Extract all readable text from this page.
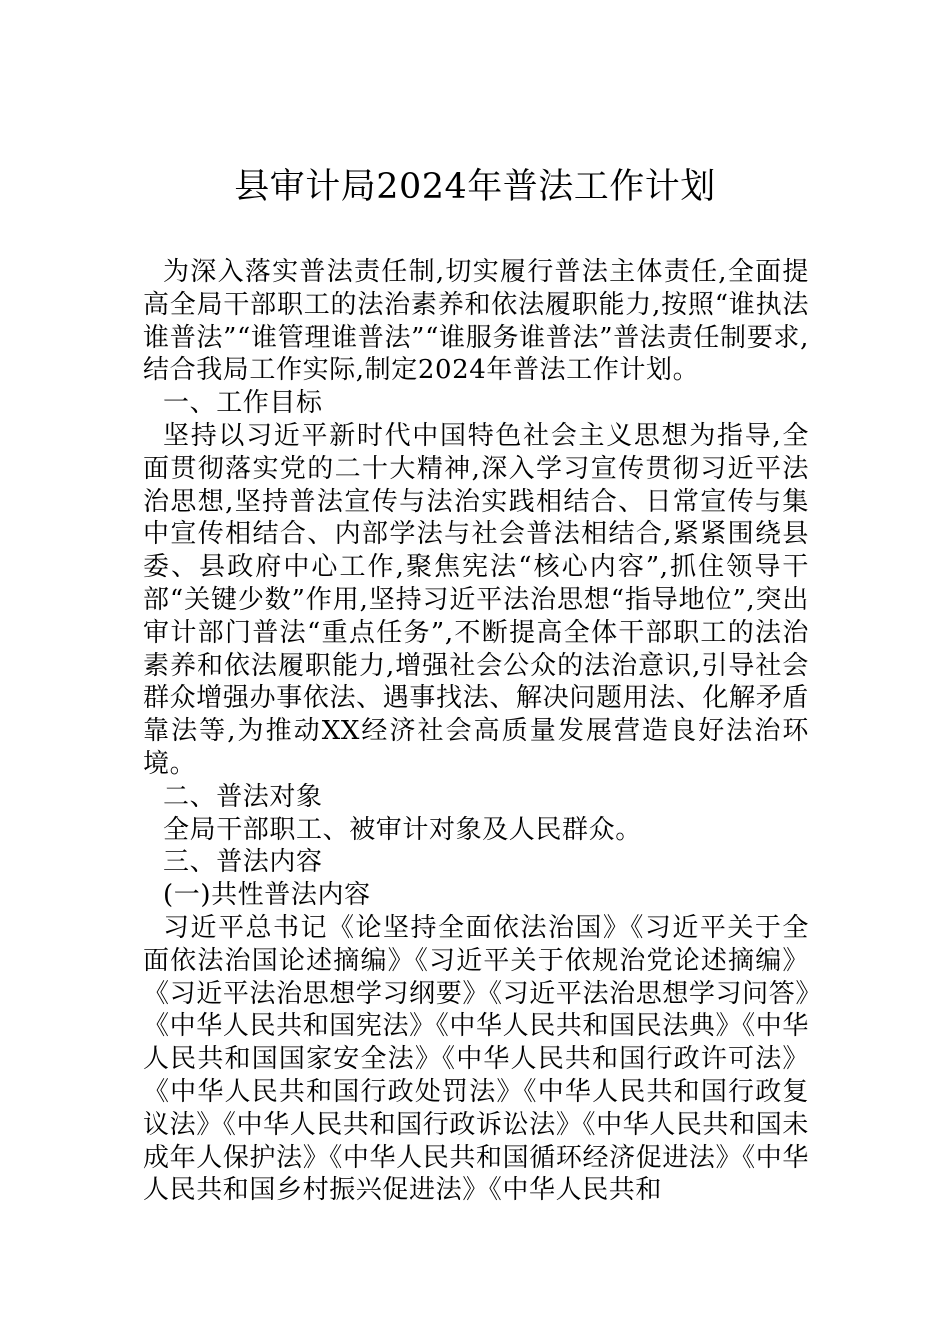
县审计局2024年普法工作计划

为深入落实普法责任制,切实履行普法主体责任,全面提高全局干部职工的法治素养和依法履职能力,按照“谁执法谁普法”“谁管理谁普法”“谁服务谁普法”普法责任制要求,结合我局工作实际,制定2024年普法工作计划。

一、工作目标

坚持以习近平新时代中国特色社会主义思想为指导,全面贯彻落实党的二十大精神,深入学习宣传贯彻习近平法治思想,坚持普法宣传与法治实践相结合、日常宣传与集中宣传相结合、内部学法与社会普法相结合,紧紧围绕县委、县政府中心工作,聚焦宪法“核心内容”,抓住领导干部“关键少数”作用,坚持习近平法治思想“指导地位”,突出审计部门普法“重点任务”,不断提高全体干部职工的法治素养和依法履职能力,增强社会公众的法治意识,引导社会群众增强办事依法、遇事找法、解决问题用法、化解矛盾靠法等,为推动XX经济社会高质量发展营造良好法治环境。

二、普法对象

全局干部职工、被审计对象及人民群众。

三、普法内容

(一)共性普法内容

习近平总书记《论坚持全面依法治国》《习近平关于全面依法治国论述摘编》《习近平关于依规治党论述摘编》《习近平法治思想学习纲要》《习近平法治思想学习问答》《中华人民共和国宪法》《中华人民共和国民法典》《中华人民共和国国家安全法》《中华人民共和国行政许可法》《中华人民共和国行政处罚法》《中华人民共和国行政复议法》《中华人民共和国行政诉讼法》《中华人民共和国未成年人保护法》《中华人民共和国循环经济促进法》《中华人民共和国乡村振兴促进法》《中华人民共和
